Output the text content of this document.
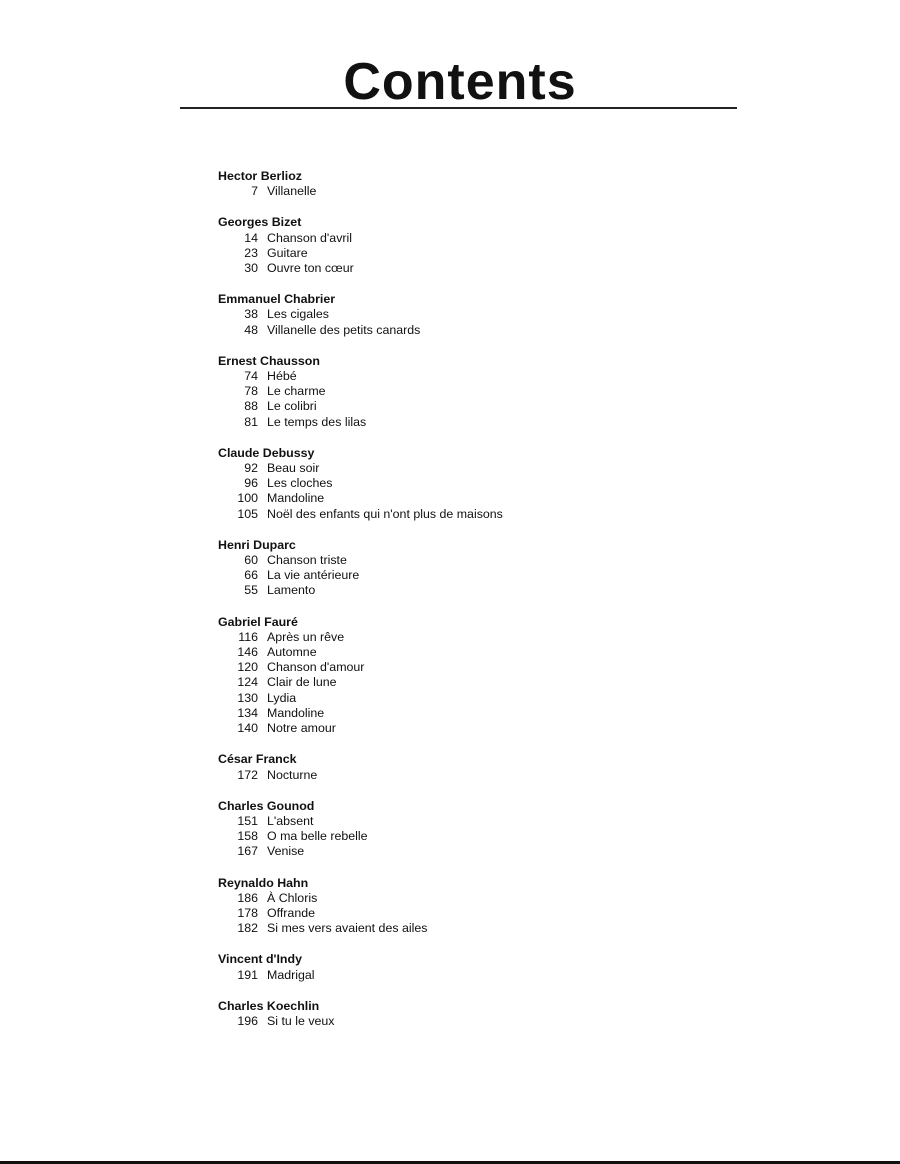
Contents
Hector Berlioz
7 Villanelle
Georges Bizet
14 Chanson d'avril
23 Guitare
30 Ouvre ton cœur
Emmanuel Chabrier
38 Les cigales
48 Villanelle des petits canards
Ernest Chausson
74 Hébé
78 Le charme
88 Le colibri
81 Le temps des lilas
Claude Debussy
92 Beau soir
96 Les cloches
100 Mandoline
105 Noël des enfants qui n'ont plus de maisons
Henri Duparc
60 Chanson triste
66 La vie antérieure
55 Lamento
Gabriel Fauré
116 Après un rêve
146 Automne
120 Chanson d'amour
124 Clair de lune
130 Lydia
134 Mandoline
140 Notre amour
César Franck
172 Nocturne
Charles Gounod
151 L'absent
158 O ma belle rebelle
167 Venise
Reynaldo Hahn
186 À Chloris
178 Offrande
182 Si mes vers avaient des ailes
Vincent d'Indy
191 Madrigal
Charles Koechlin
196 Si tu le veux
